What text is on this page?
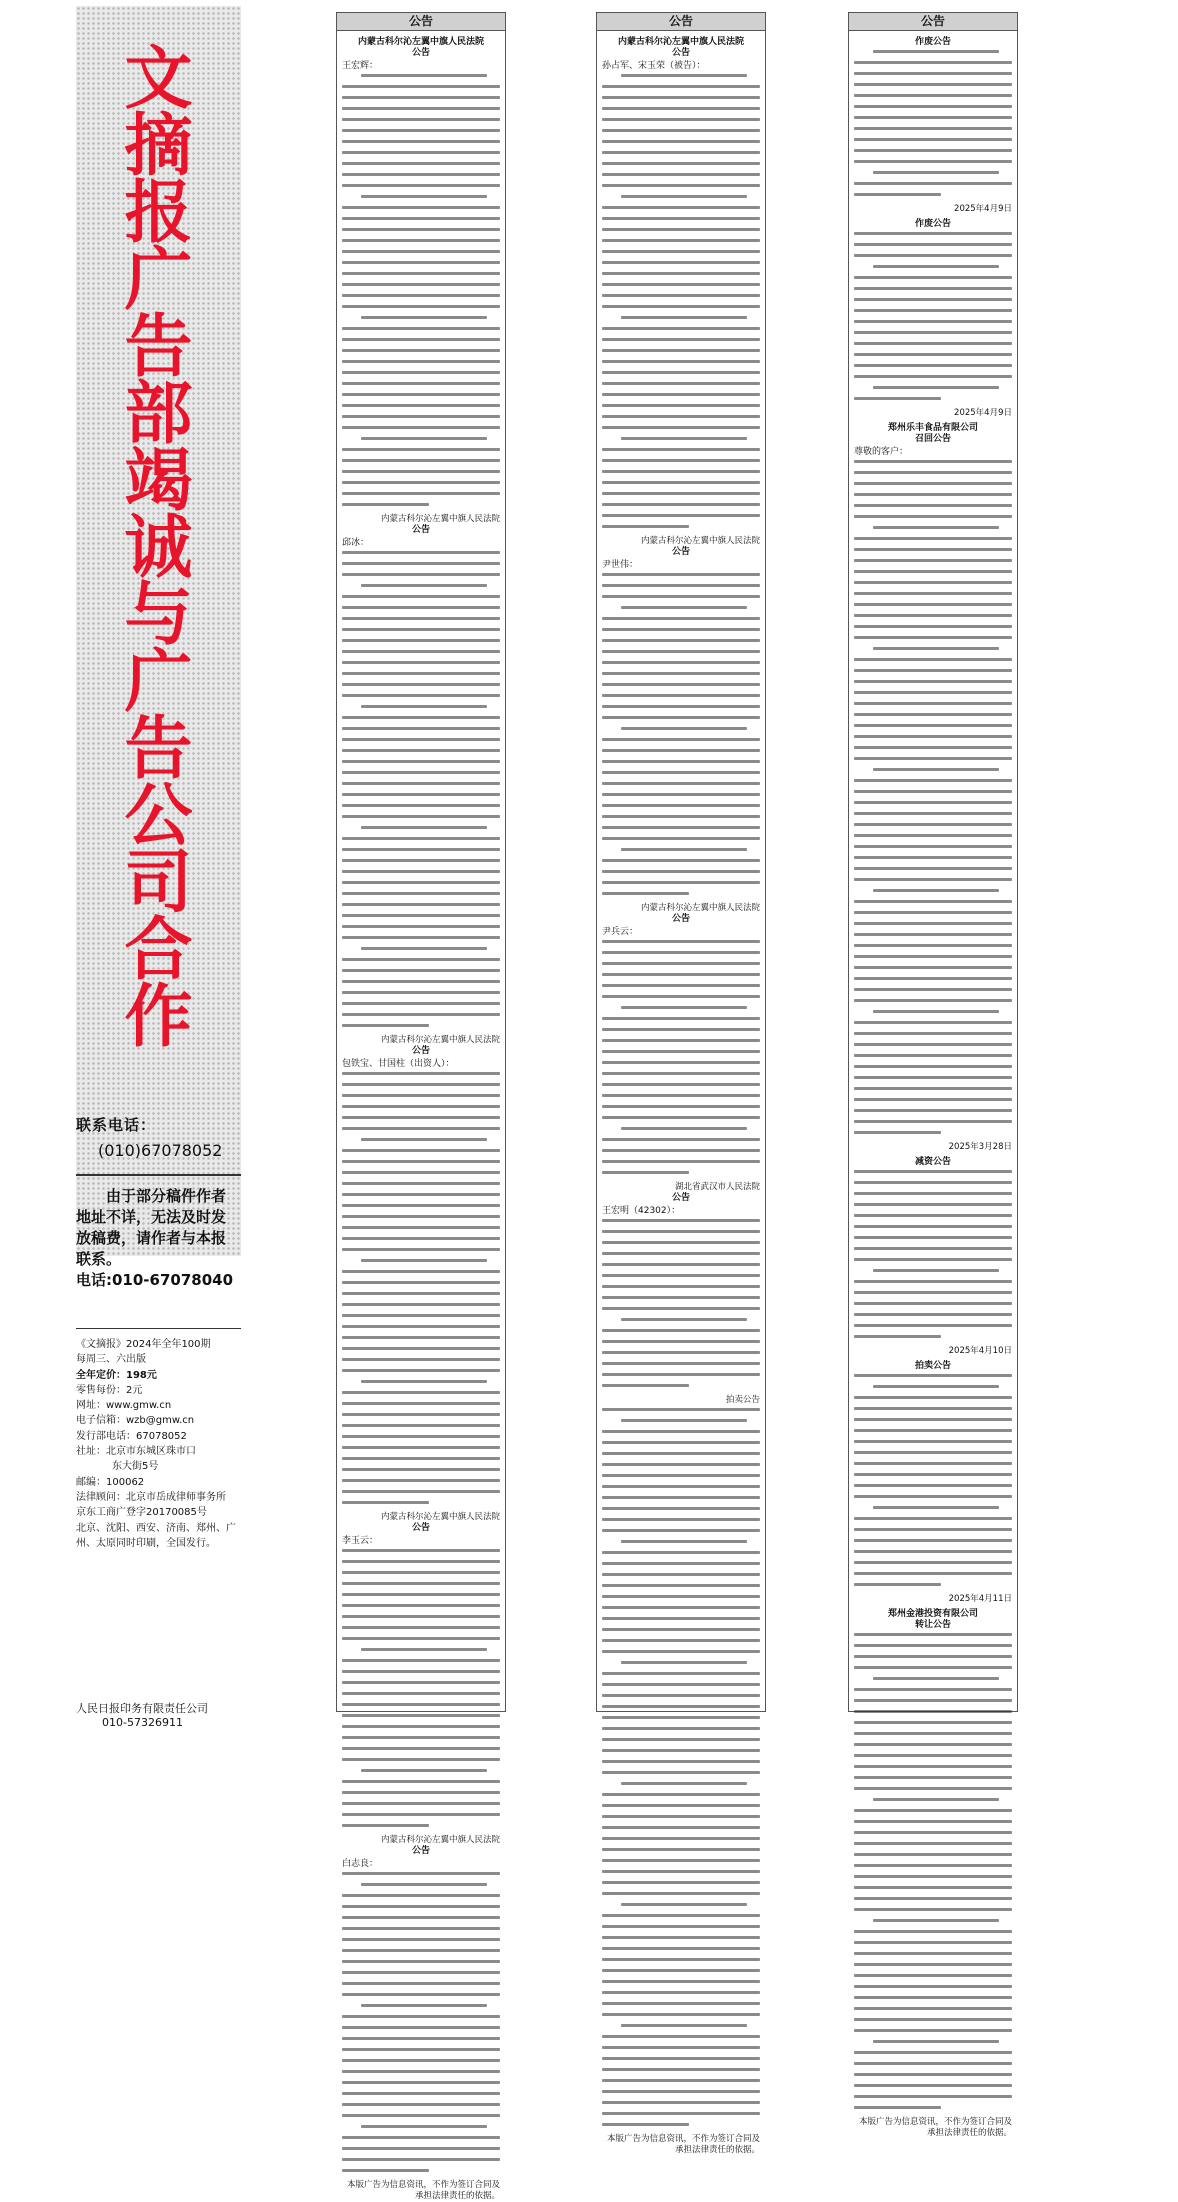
文
摘
报
广
告
部
竭
诚
与
广
告
公
司
合
作
联系电话：
(010)67078052
由于部分稿件作者地址不详，无法及时发放稿费，请作者与本报联系。
电话:010-67078040
《文摘报》2024年全年100期
每周三、六出版
全年定价：198元
零售每份：2元
网址：www.gmw.cn
电子信箱：wzb@gmw.cn
发行部电话：67078052
社址：北京市东城区珠市口
东大街5号
邮编：100062
法律顾问：北京市岳成律师事务所
京东工商广登字20170085号
北京、沈阳、西安、济南、郑州、广州、太原同时印刷，全国发行。
人民日报印务有限责任公司
010-57326911
公告
内蒙古科尔沁左翼中旗人民法院
公告
王宏辉：
内蒙古科尔沁左翼中旗人民法院
公告
邱冰：
内蒙古科尔沁左翼中旗人民法院
公告
包铁宝、甘国柱（出资人）：
内蒙古科尔沁左翼中旗人民法院
公告
李玉云：
内蒙古科尔沁左翼中旗人民法院
公告
白志良：
本版广告为信息资讯，不作为签订合同及承担法律责任的依据。
公告
内蒙古科尔沁左翼中旗人民法院
公告
孙占军、宋玉荣（被告）：
内蒙古科尔沁左翼中旗人民法院
公告
尹世伟：
内蒙古科尔沁左翼中旗人民法院
公告
尹兵云：
湖北省武汉市人民法院
公告
王宏明（42302）：
拍卖公告
本版广告为信息资讯，不作为签订合同及承担法律责任的依据。
公告
作废公告
2025年4月9日
作废公告
2025年4月9日
郑州乐丰食品有限公司
召回公告
尊敬的客户：
2025年3月28日
减资公告
2025年4月10日
拍卖公告
2025年4月11日
郑州金港投资有限公司
转让公告
本版广告为信息资讯，不作为签订合同及承担法律责任的依据。
